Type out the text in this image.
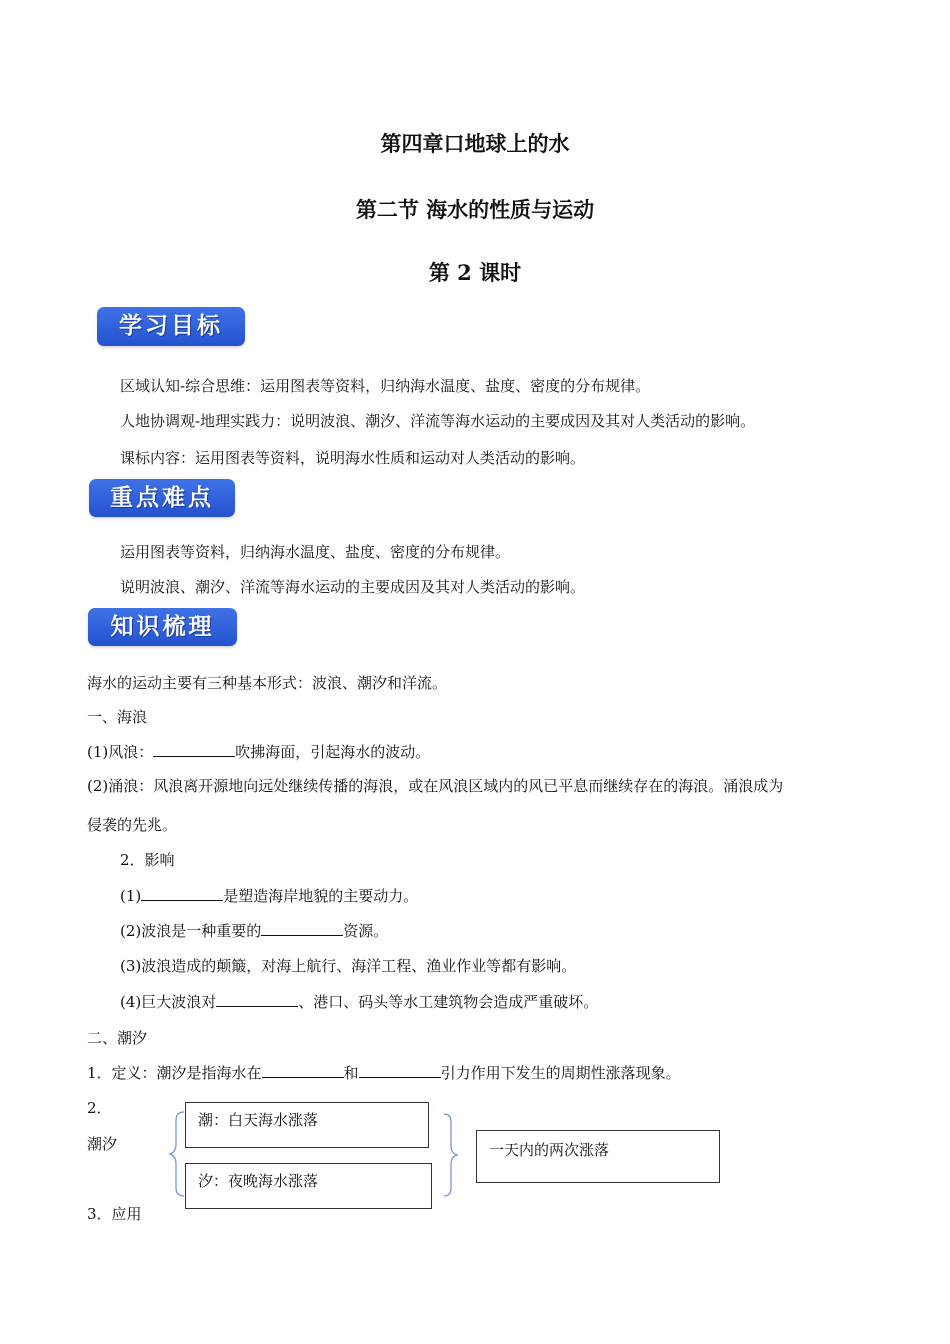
第四章口地球上的水
第二节 海水的性质与运动
第 2 课时
学习目标
区域认知-综合思维：运用图表等资料，归纳海水温度、盐度、密度的分布规律。
人地协调观-地理实践力：说明波浪、潮汐、洋流等海水运动的主要成因及其对人类活动的影响。
课标内容：运用图表等资料，说明海水性质和运动对人类活动的影响。
重点难点
运用图表等资料，归纳海水温度、盐度、密度的分布规律。
说明波浪、潮汐、洋流等海水运动的主要成因及其对人类活动的影响。
知识梳理
海水的运动主要有三种基本形式：波浪、潮汐和洋流。
一、海浪
(1)风浪：	吹拂海面，引起海水的波动。
(2)涌浪：风浪离开源地向远处继续传播的海浪，或在风浪区域内的风已平息而继续存在的海浪。涌浪成为
侵袭的先兆。
2．影响
(1)	是塑造海岸地貌的主要动力。
(2)波浪是一种重要的	资源。
(3)波浪造成的颠簸，对海上航行、海洋工程、渔业作业等都有影响。
(4)巨大波浪对	、港口、码头等水工建筑物会造成严重破坏。
二、潮汐
1．定义：潮汐是指海水在	和	引力作用下发生的周期性涨落现象。
2．
潮汐
潮：白天海水涨落
汐：夜晚海水涨落
一天内的两次涨落
3．应用
